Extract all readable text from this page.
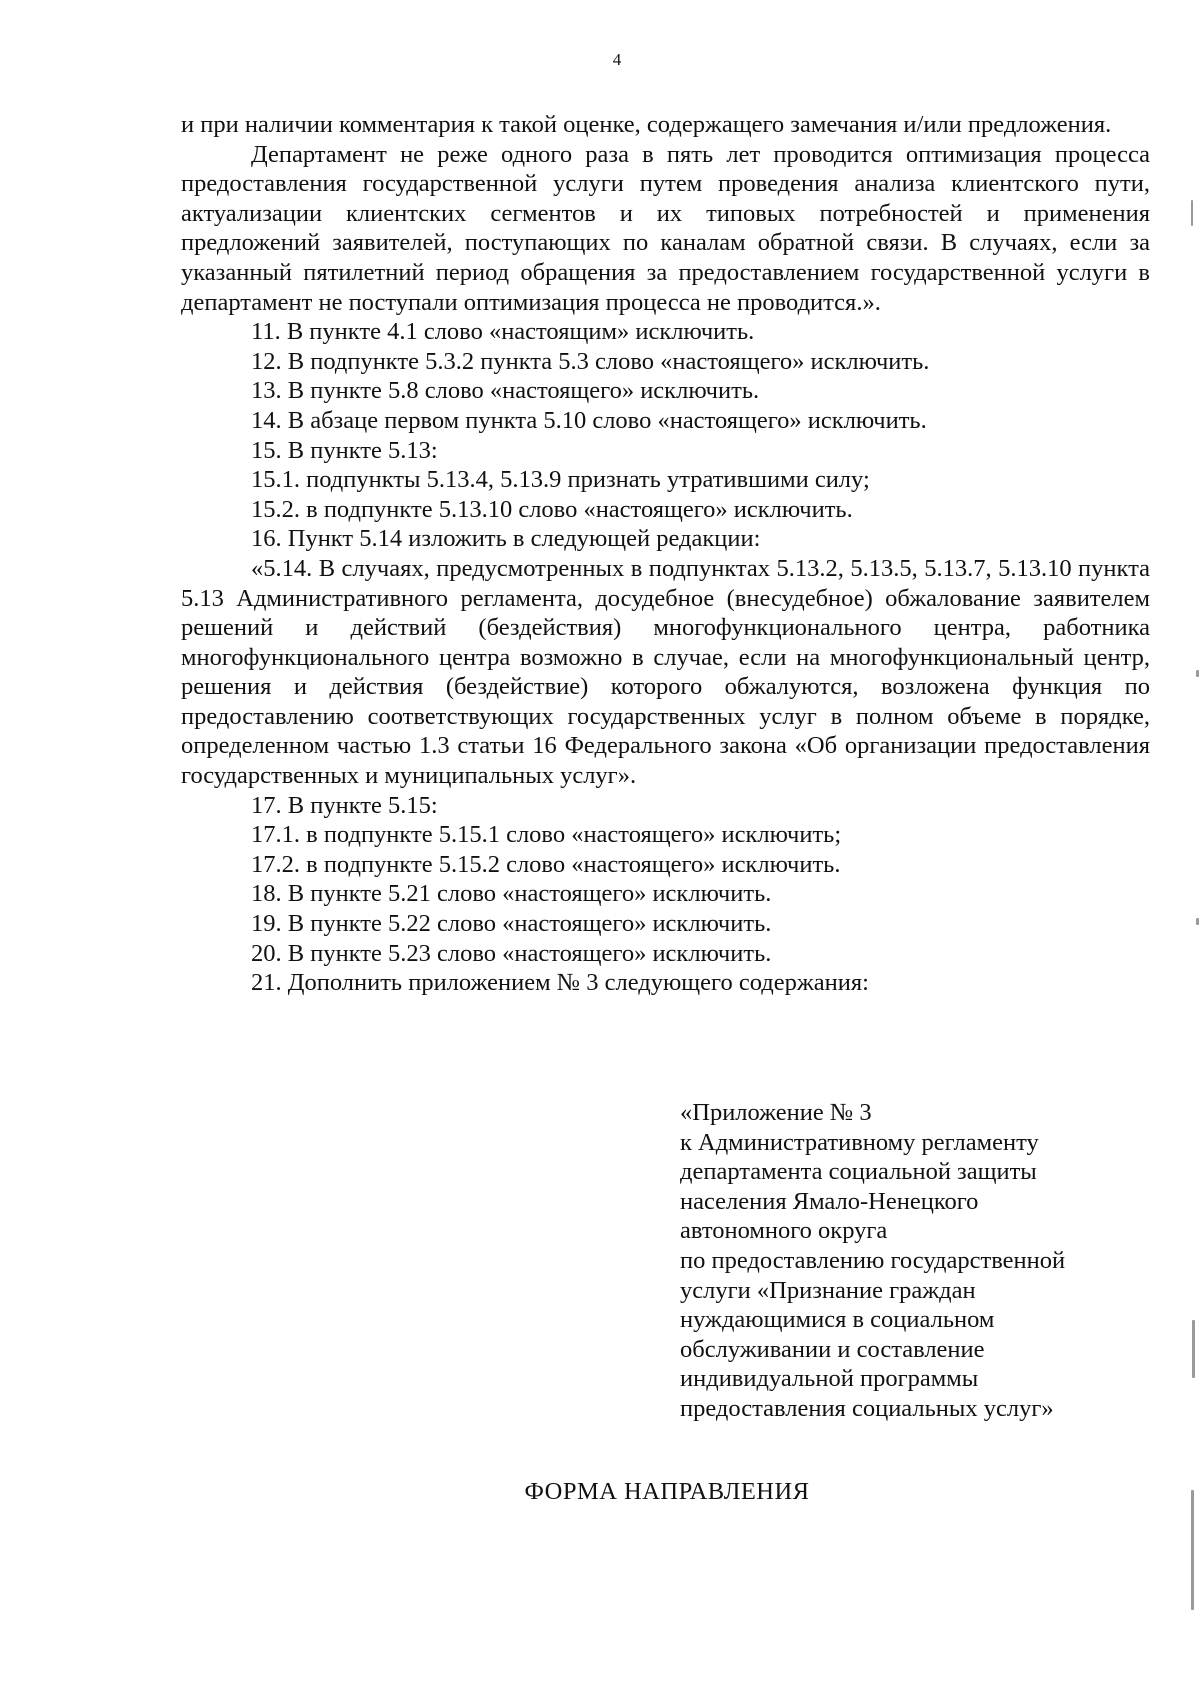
4

и при наличии комментария к такой оценке, содержащего замечания и/или предложения.

Департамент не реже одного раза в пять лет проводится оптимизация процесса предоставления государственной услуги путем проведения анализа клиентского пути, актуализации клиентских сегментов и их типовых потребностей и применения предложений заявителей, поступающих по каналам обратной связи. В случаях, если за указанный пятилетний период обращения за предоставлением государственной услуги в департамент не поступали оптимизация процесса не проводится.».

11. В пункте 4.1 слово «настоящим» исключить.

12. В подпункте 5.3.2 пункта 5.3 слово «настоящего» исключить.

13. В пункте 5.8 слово «настоящего» исключить.

14. В абзаце первом пункта 5.10 слово «настоящего» исключить.

15. В пункте 5.13:

15.1. подпункты 5.13.4, 5.13.9 признать утратившими силу;

15.2. в подпункте 5.13.10 слово «настоящего» исключить.

16. Пункт 5.14 изложить в следующей редакции:

«5.14. В случаях, предусмотренных в подпунктах 5.13.2, 5.13.5, 5.13.7, 5.13.10 пункта 5.13 Административного регламента, досудебное (внесудебное) обжалование заявителем решений и действий (бездействия) многофункционального центра, работника многофункционального центра возможно в случае, если на многофункциональный центр, решения и действия (бездействие) которого обжалуются, возложена функция по предоставлению соответствующих государственных услуг в полном объеме в порядке, определенном частью 1.3 статьи 16 Федерального закона «Об организации предоставления государственных и муниципальных услуг».

17. В пункте 5.15:

17.1. в подпункте 5.15.1 слово «настоящего» исключить;

17.2. в подпункте 5.15.2 слово «настоящего» исключить.

18. В пункте 5.21 слово «настоящего» исключить.

19. В пункте 5.22 слово «настоящего» исключить.

20. В пункте 5.23 слово «настоящего» исключить.

21. Дополнить приложением № 3 следующего содержания:

«Приложение № 3
к Административному регламенту
департамента социальной защиты
населения Ямало-Ненецкого
автономного округа
по предоставлению государственной
услуги «Признание граждан
нуждающимися в социальном
обслуживании и составление
индивидуальной программы
предоставления социальных услуг»
ФОРМА НАПРАВЛЕНИЯ
